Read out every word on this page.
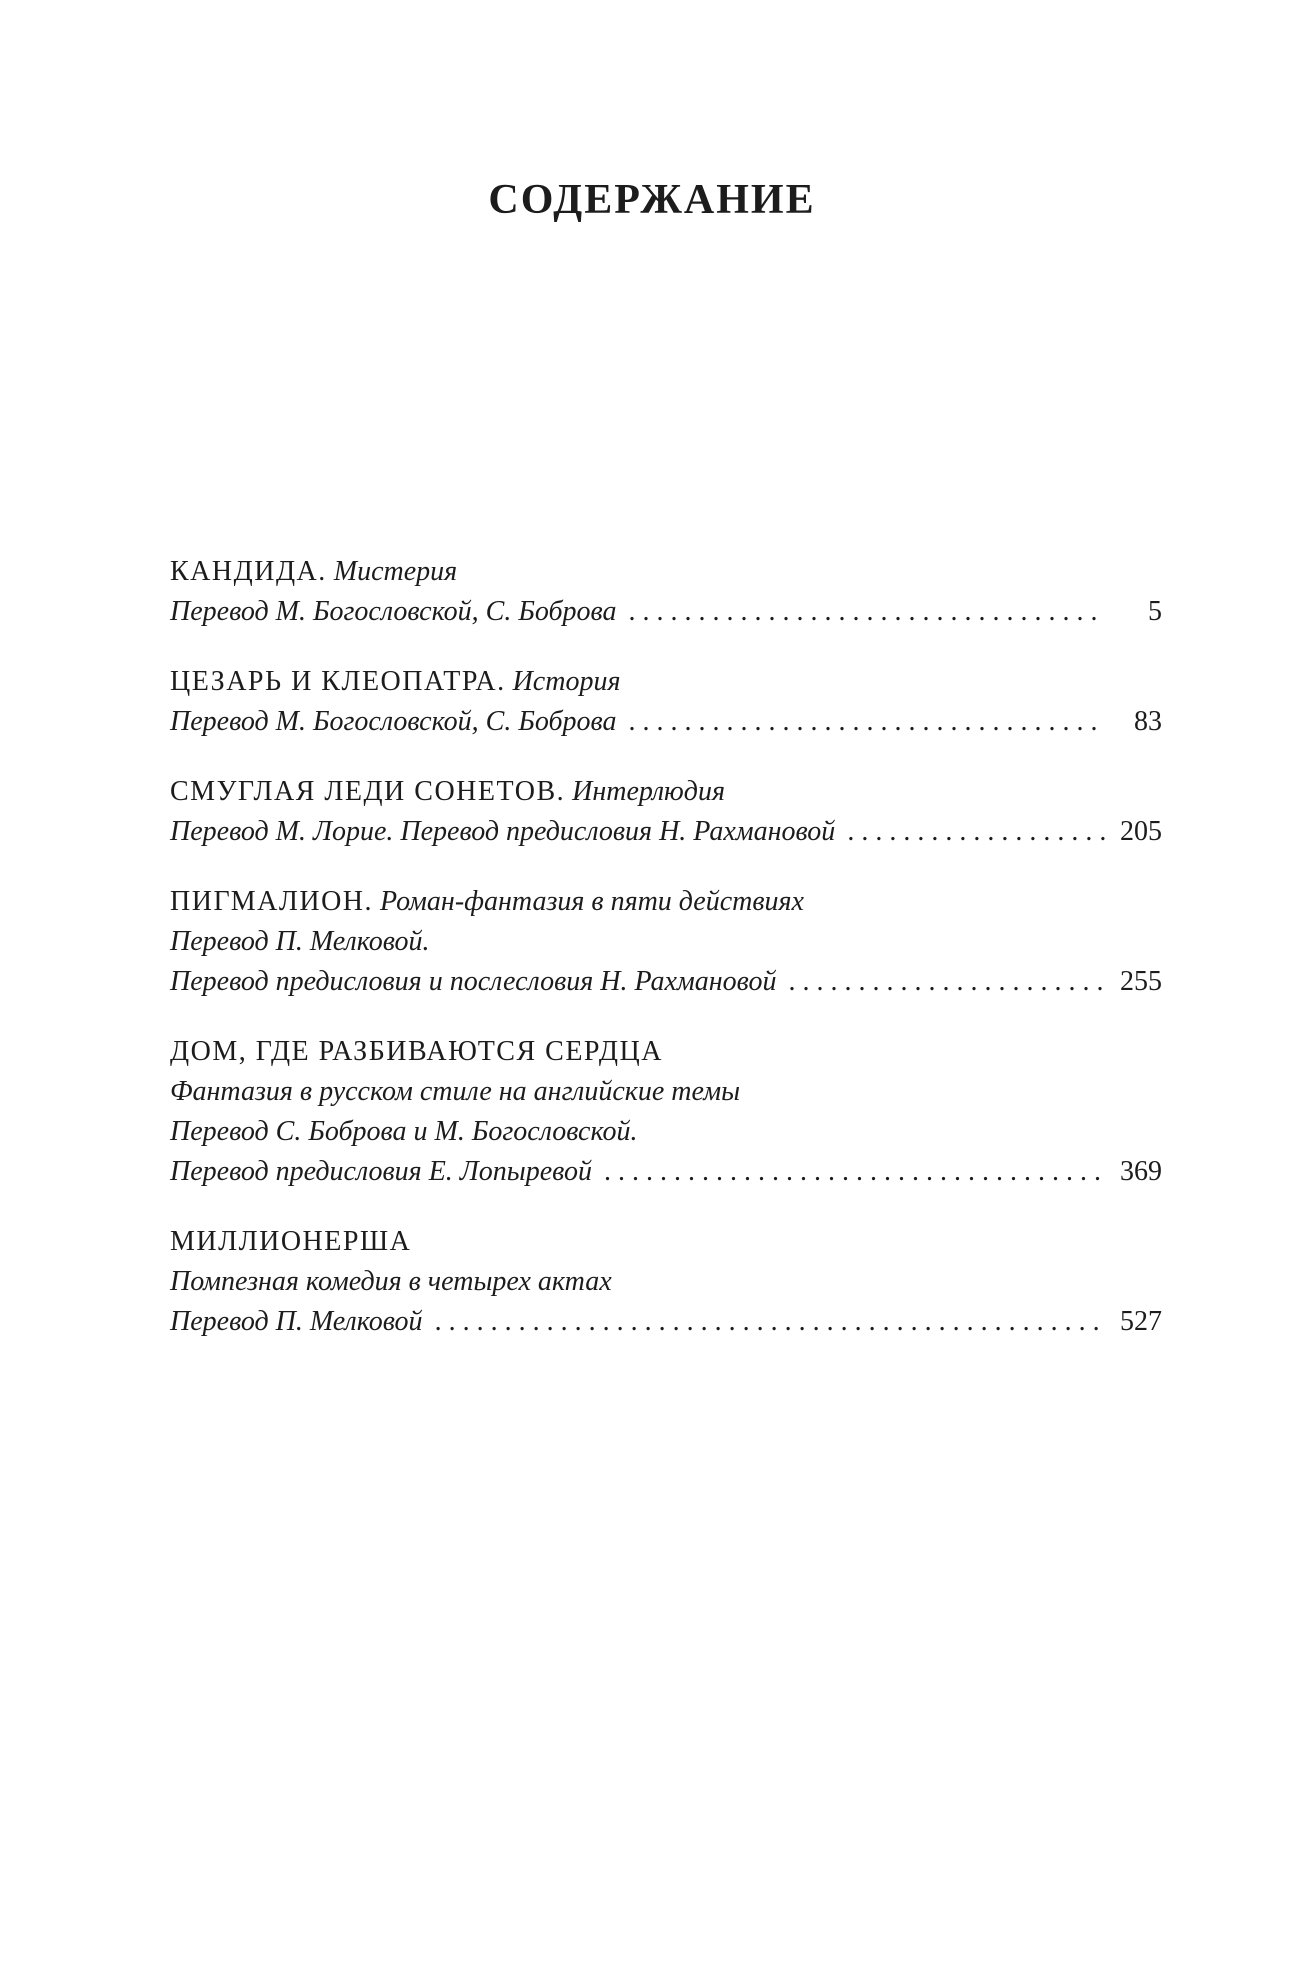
СОДЕРЖАНИЕ
КАНДИДА.
Мистерия
Перевод М. Богословской, С. Боброва . . .	5
ЦЕЗАРЬ И КЛЕОПАТРА.
История
Перевод М. Богословской, С. Боброва . . .	83
СМУГЛАЯ ЛЕДИ СОНЕТОВ.
Интерлюдия
Перевод М. Лорие. Перевод предисловия Н. Рахмановой . . .	205
ПИГМАЛИОН.
Роман-фантазия в пяти действиях
Перевод П. Мелковой.
Перевод предисловия и послесловия Н. Рахмановой . . .	255
ДОМ, ГДЕ РАЗБИВАЮТСЯ СЕРДЦА
Фантазия в русском стиле на английские темы
Перевод С. Боброва и М. Богословской.
Перевод предисловия Е. Лопыревой . . .	369
МИЛЛИОНЕРША
Помпезная комедия в четырех актах
Перевод П. Мелковой . . .	527
